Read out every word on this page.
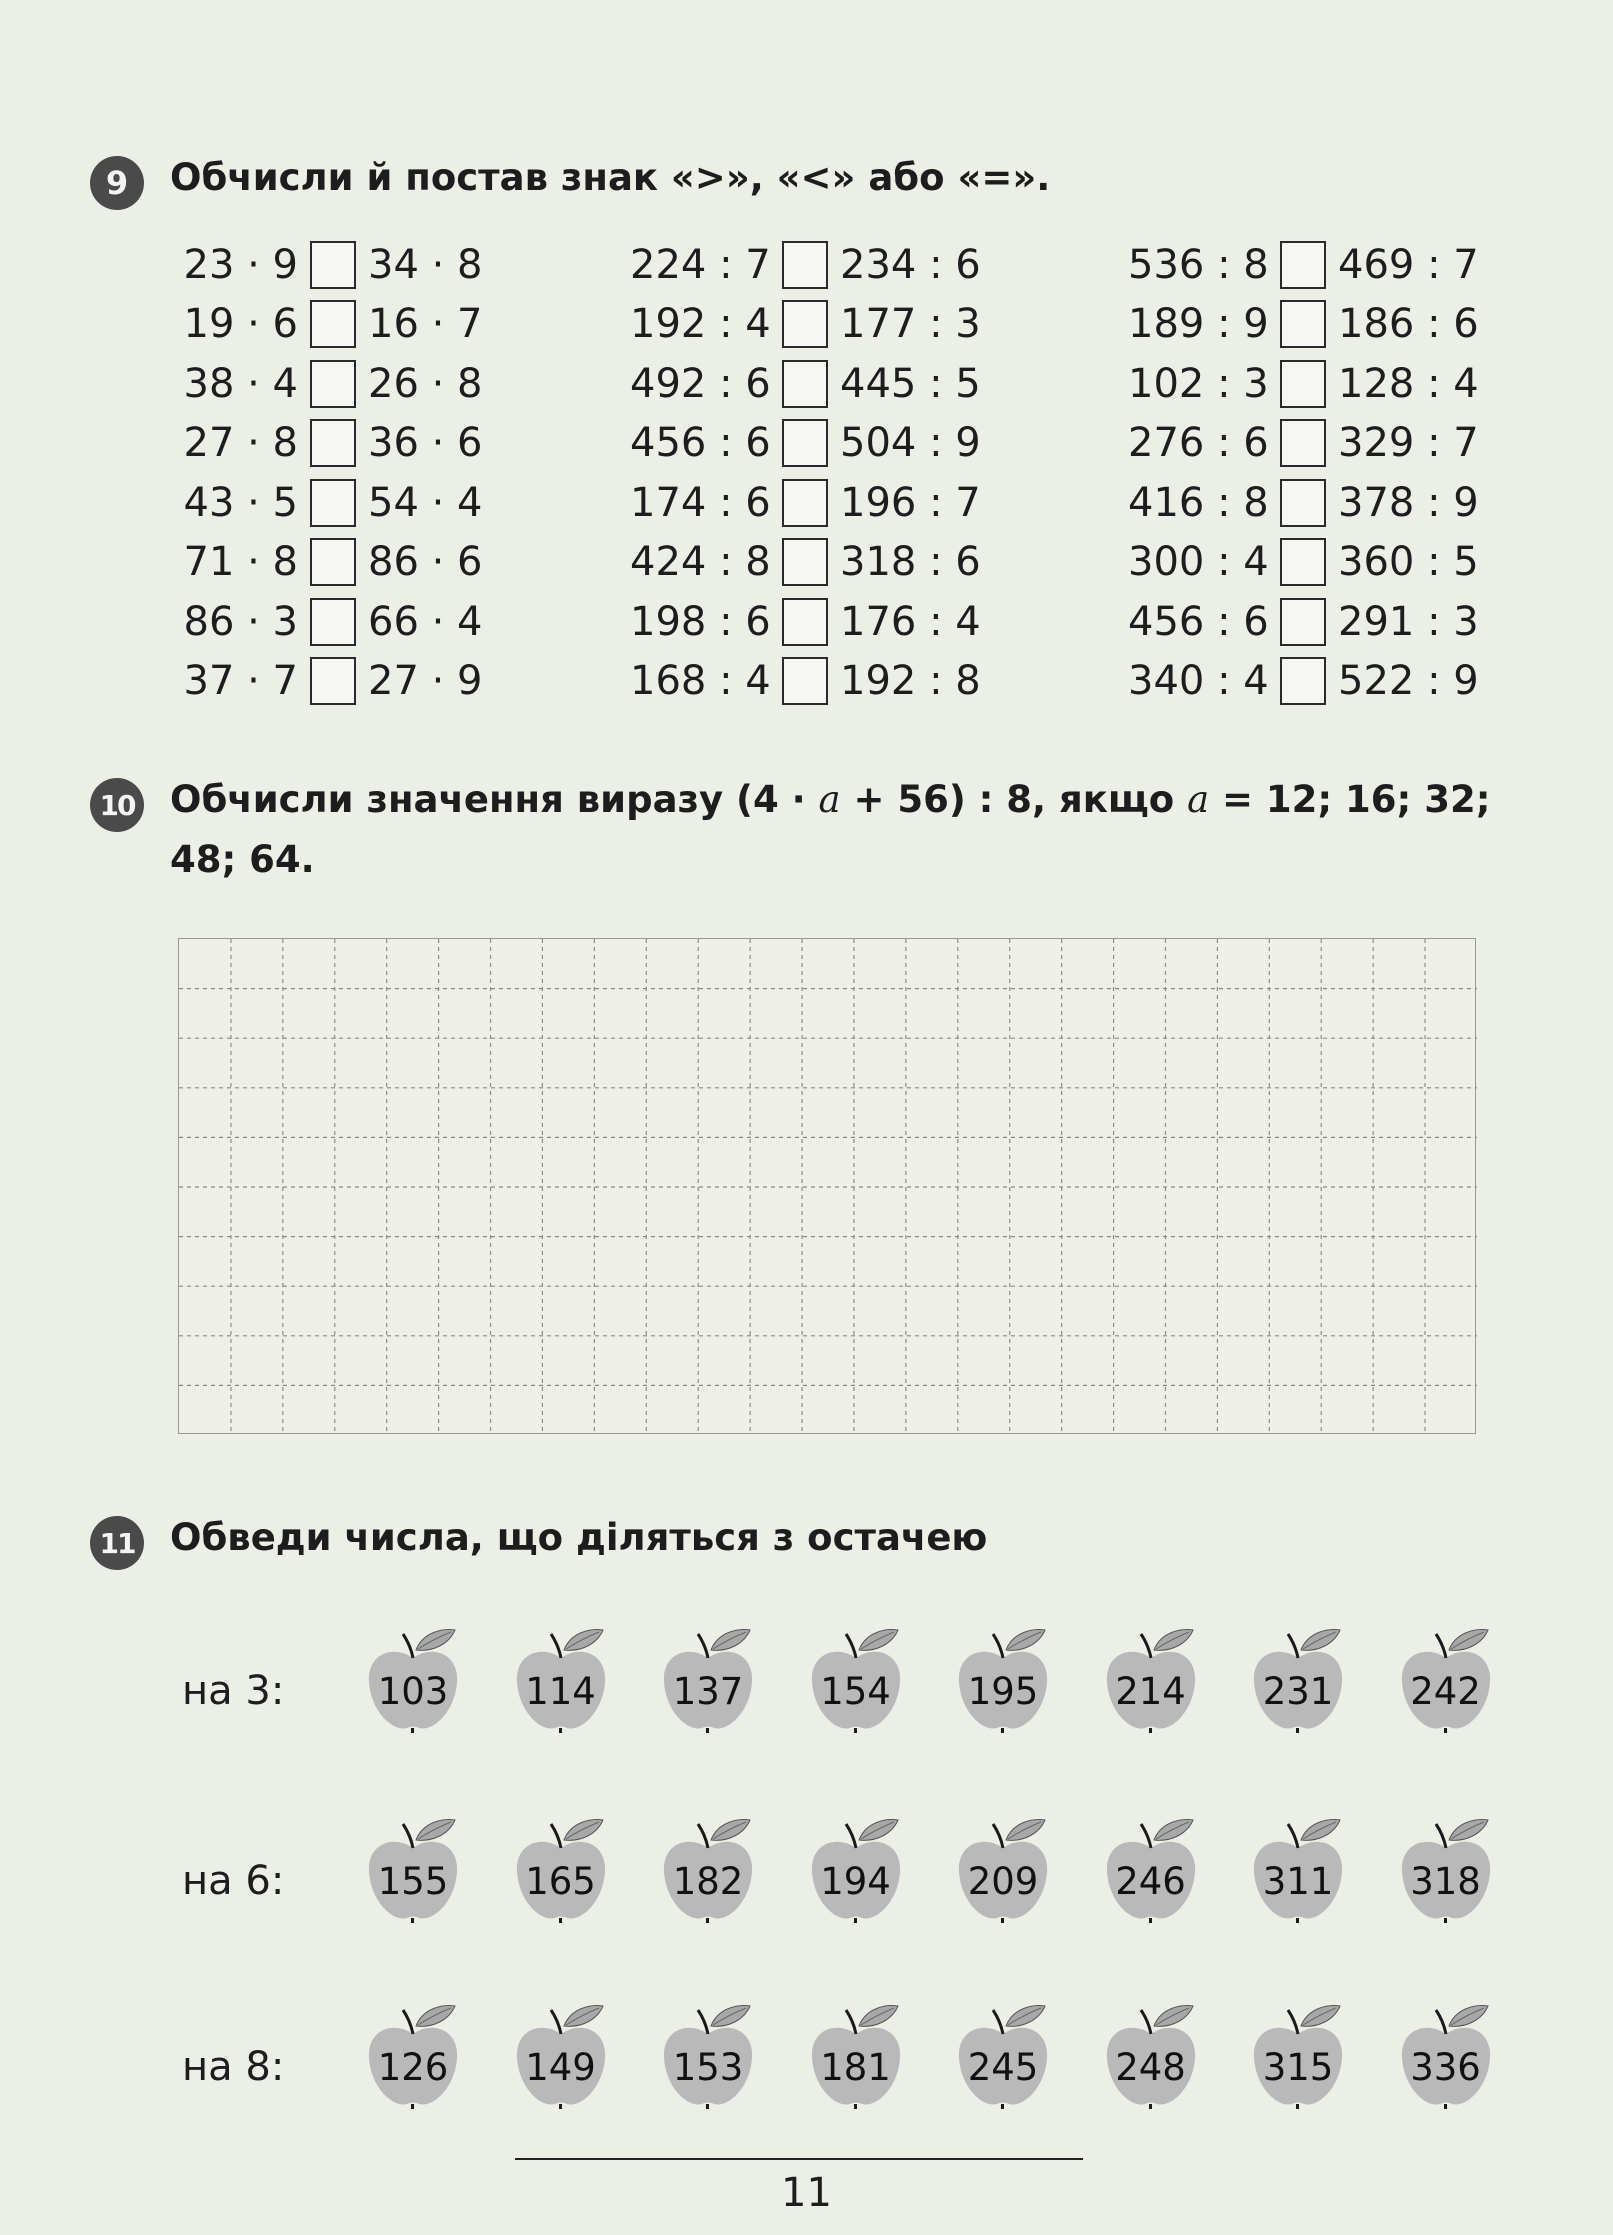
9	Обчисли й постав знак «>», «<» або «=».
23 · 9 34 · 8
19 · 6 16 · 7
38 · 4 26 · 8
27 · 8 36 · 6
43 · 5 54 · 4
71 · 8 86 · 6
86 · 3 66 · 4
37 · 7 27 · 9
224 : 7 234 : 6
192 : 4 177 : 3
492 : 6 445 : 5
456 : 6 504 : 9
174 : 6 196 : 7
424 : 8 318 : 6
198 : 6 176 : 4
168 : 4 192 : 8
536 : 8 469 : 7
189 : 9 186 : 6
102 : 3 128 : 4
276 : 6 329 : 7
416 : 8 378 : 9
300 : 4 360 : 5
456 : 6 291 : 3
340 : 4 522 : 9
10 Обчисли значення виразу (4 · a + 56) : 8, якщо a = 12; 16; 32; 48; 64.
11 Обведи числа, що діляться з остачею
на 3:	103	114	137	154	195	214	231	242
на 6:	155	165	182	194	209	246	311	318
на 8:	126	149	153	181	245	248	315	336
11
